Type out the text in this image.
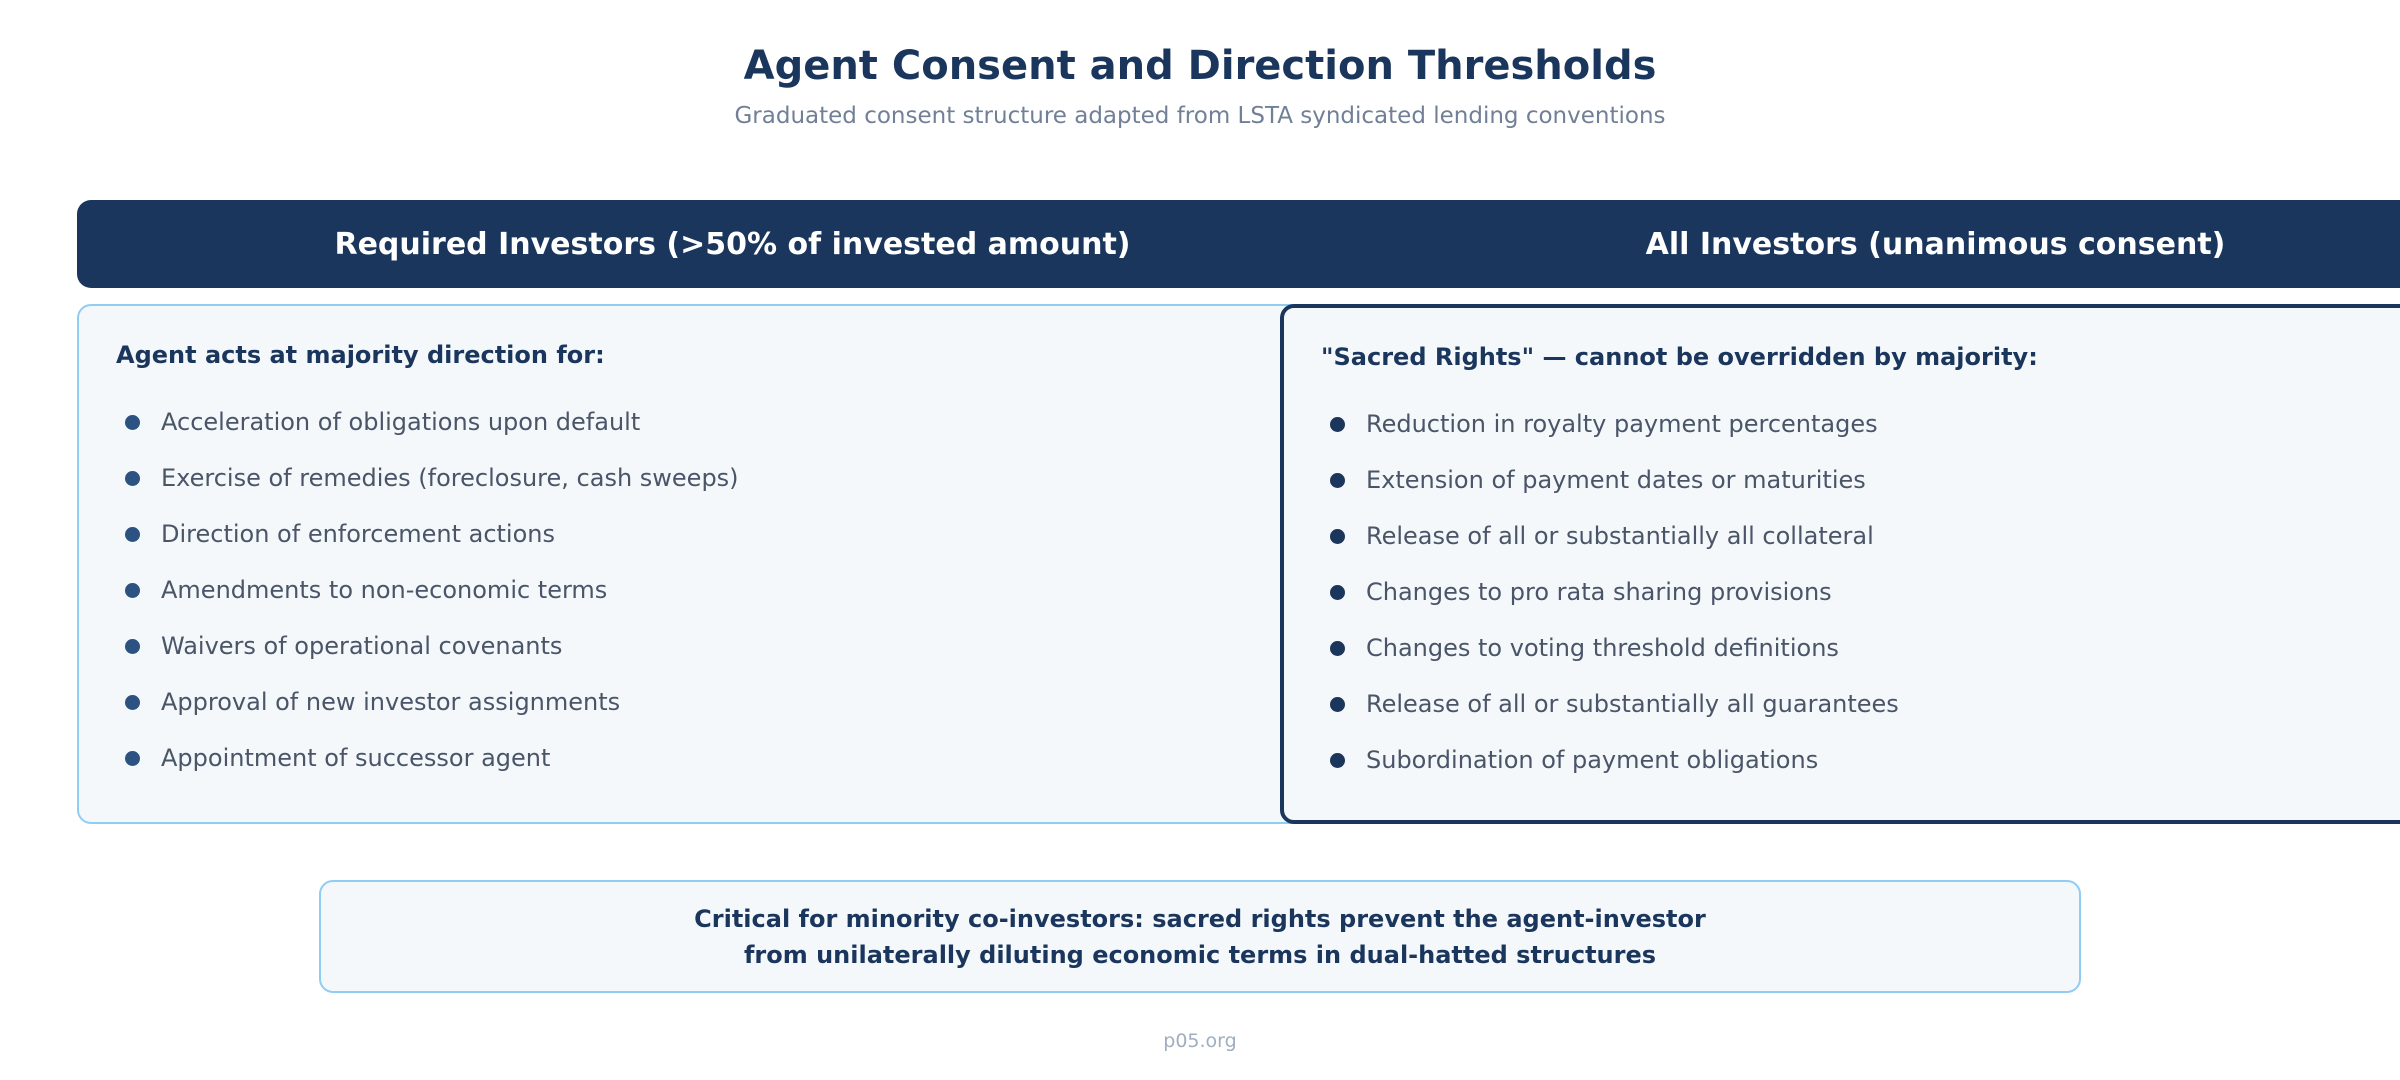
Agent Consent and Direction Thresholds
Graduated consent structure adapted from LSTA syndicated lending conventions
Required Investors (>50% of invested amount)
Agent acts at majority direction for:
Acceleration of obligations upon default
Exercise of remedies (foreclosure, cash sweeps)
Direction of enforcement actions
Amendments to non-economic terms
Waivers of operational covenants
Approval of new investor assignments
Appointment of successor agent
All Investors (unanimous consent)
"Sacred Rights" — cannot be overridden by majority:
Reduction in royalty payment percentages
Extension of payment dates or maturities
Release of all or substantially all collateral
Changes to pro rata sharing provisions
Changes to voting threshold definitions
Release of all or substantially all guarantees
Subordination of payment obligations
Critical for minority co-investors: sacred rights prevent the agent-investor
from unilaterally diluting economic terms in dual-hatted structures
p05.org
